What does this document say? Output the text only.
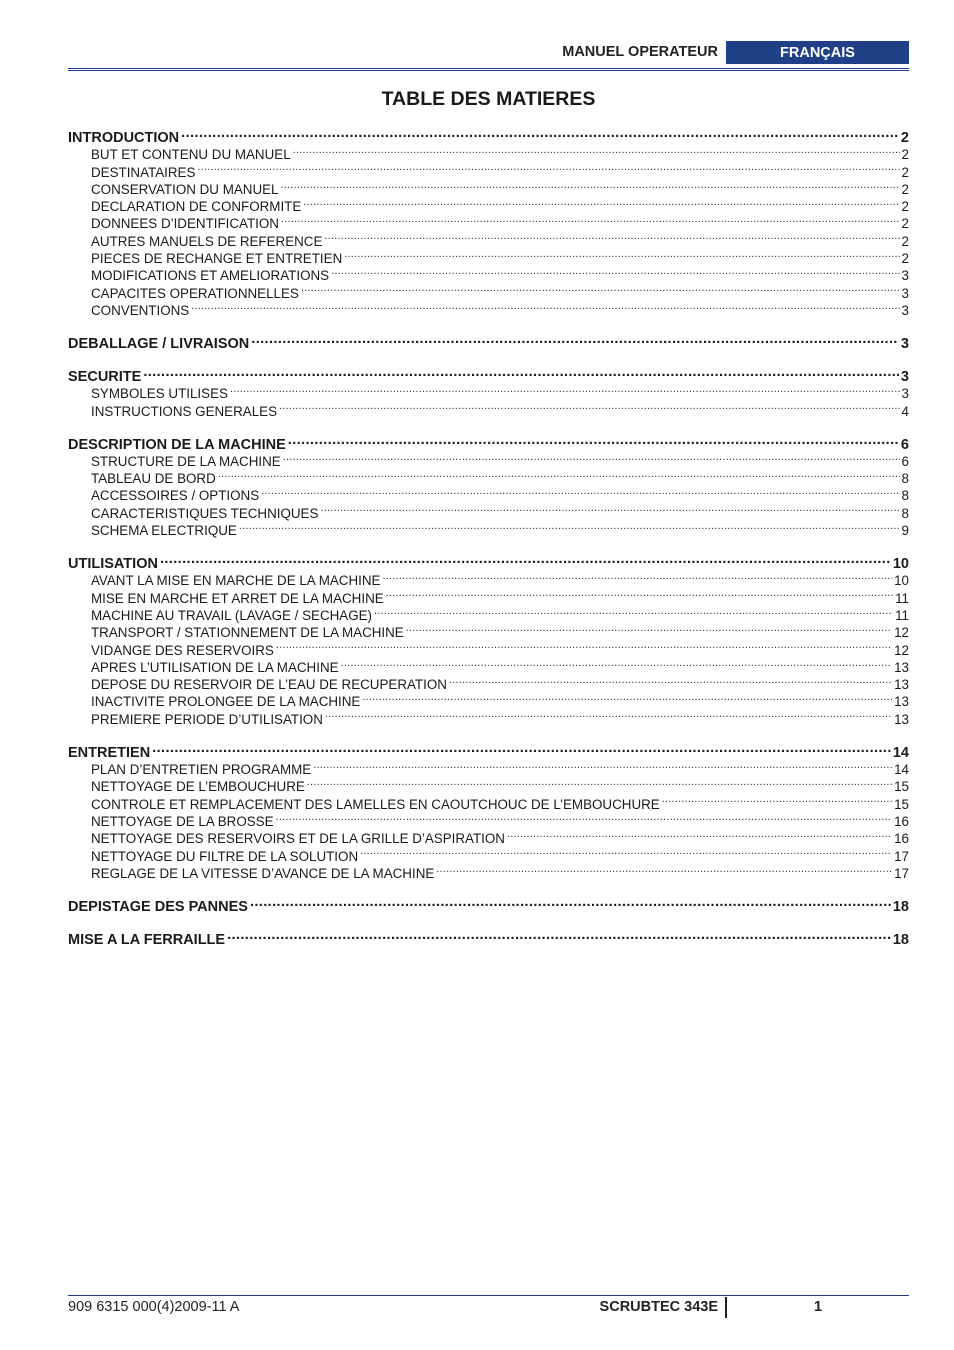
MANUEL OPERATEUR	FRANÇAIS
TABLE DES MATIERES
INTRODUCTION .....	2
BUT ET CONTENU DU MANUEL .....	2
DESTINATAIRES .....	2
CONSERVATION DU MANUEL .....	2
DECLARATION DE CONFORMITE .....	2
DONNEES D’IDENTIFICATION .....	2
AUTRES MANUELS DE REFERENCE .....	2
PIECES DE RECHANGE ET ENTRETIEN .....	2
MODIFICATIONS ET AMELIORATIONS .....	3
CAPACITES OPERATIONNELLES .....	3
CONVENTIONS .....	3
DEBALLAGE / LIVRAISON .....	3
SECURITE .....	3
SYMBOLES UTILISES .....	3
INSTRUCTIONS GENERALES .....	4
DESCRIPTION DE LA MACHINE .....	6
STRUCTURE DE LA MACHINE .....	6
TABLEAU DE BORD .....	8
ACCESSOIRES / OPTIONS .....	8
CARACTERISTIQUES TECHNIQUES .....	8
SCHEMA ELECTRIQUE .....	9
UTILISATION .....	10
AVANT LA MISE EN MARCHE DE LA MACHINE .....	10
MISE EN MARCHE ET ARRET DE LA MACHINE .....	11
MACHINE AU TRAVAIL (LAVAGE / SECHAGE) .....	11
TRANSPORT / STATIONNEMENT DE LA MACHINE .....	12
VIDANGE DES RESERVOIRS .....	12
APRES L’UTILISATION DE LA MACHINE .....	13
DEPOSE DU RESERVOIR DE L’EAU DE RECUPERATION .....	13
INACTIVITE PROLONGEE DE LA MACHINE .....	13
PREMIERE PERIODE D’UTILISATION .....	13
ENTRETIEN .....	14
PLAN D’ENTRETIEN PROGRAMME .....	14
NETTOYAGE DE L’EMBOUCHURE .....	15
CONTROLE ET REMPLACEMENT DES LAMELLES EN CAOUTCHOUC DE L’EMBOUCHURE .....	15
NETTOYAGE DE LA BROSSE .....	16
NETTOYAGE DES RESERVOIRS ET DE LA GRILLE D’ASPIRATION .....	16
NETTOYAGE DU FILTRE DE LA SOLUTION .....	17
REGLAGE DE LA VITESSE D’AVANCE DE LA MACHINE .....	17
DEPISTAGE DES PANNES .....	18
MISE A LA FERRAILLE .....	18
909 6315 000(4)2009-11 A	SCRUBTEC 343E	1
